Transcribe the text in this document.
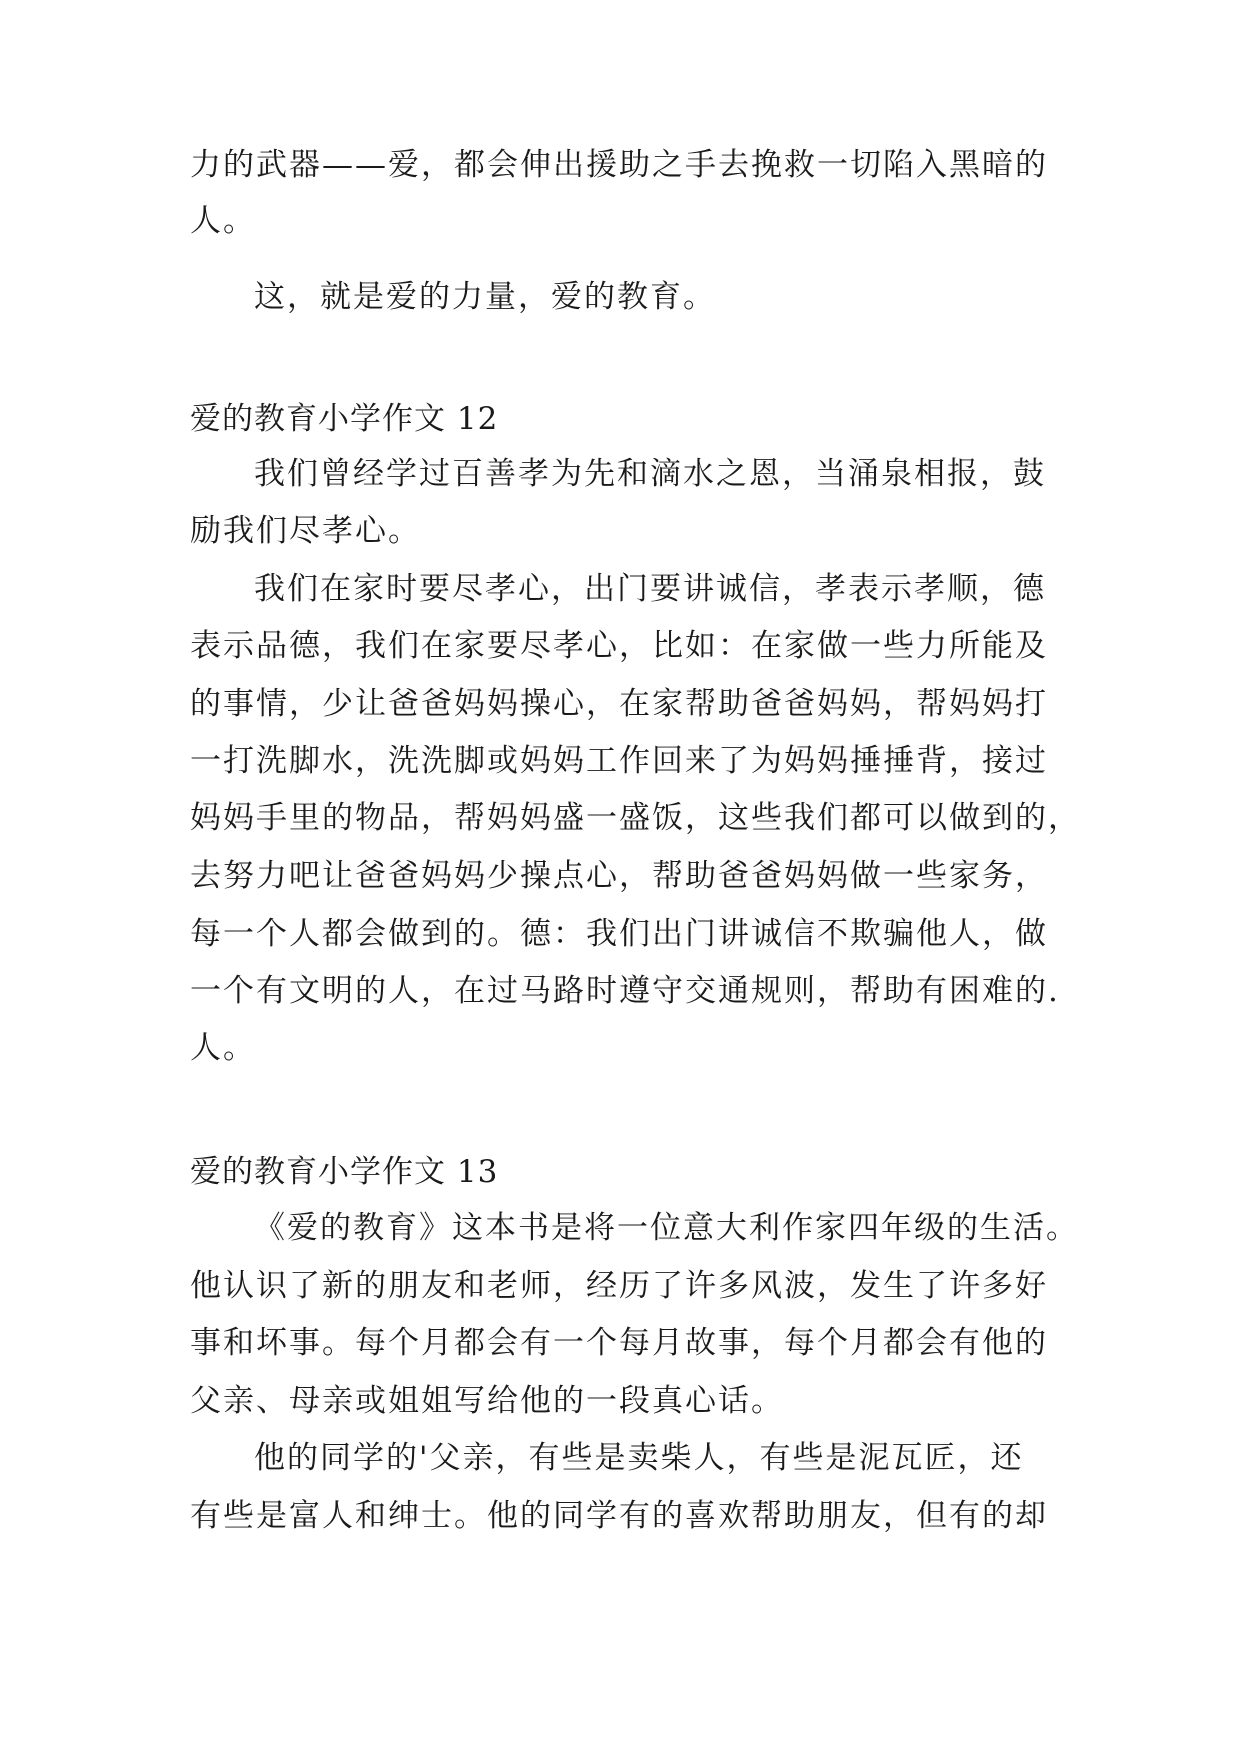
力的武器——爱，都会伸出援助之手去挽救一切陷入黑暗的
人。
这，就是爱的力量，爱的教育。
爱的教育小学作文 12
我们曾经学过百善孝为先和滴水之恩，当涌泉相报，鼓
励我们尽孝心。
我们在家时要尽孝心，出门要讲诚信，孝表示孝顺，德
表示品德，我们在家要尽孝心，比如：在家做一些力所能及
的事情，少让爸爸妈妈操心，在家帮助爸爸妈妈，帮妈妈打
一打洗脚水，洗洗脚或妈妈工作回来了为妈妈捶捶背，接过
妈妈手里的物品，帮妈妈盛一盛饭，这些我们都可以做到的，
去努力吧让爸爸妈妈少操点心，帮助爸爸妈妈做一些家务，
每一个人都会做到的。德：我们出门讲诚信不欺骗他人，做
一个有文明的人，在过马路时遵守交通规则，帮助有困难的.
人。
爱的教育小学作文 13
《爱的教育》这本书是将一位意大利作家四年级的生活。
他认识了新的朋友和老师，经历了许多风波，发生了许多好
事和坏事。每个月都会有一个每月故事，每个月都会有他的
父亲、母亲或姐姐写给他的一段真心话。
他的同学的'父亲，有些是卖柴人，有些是泥瓦匠，还
有些是富人和绅士。他的同学有的喜欢帮助朋友，但有的却
